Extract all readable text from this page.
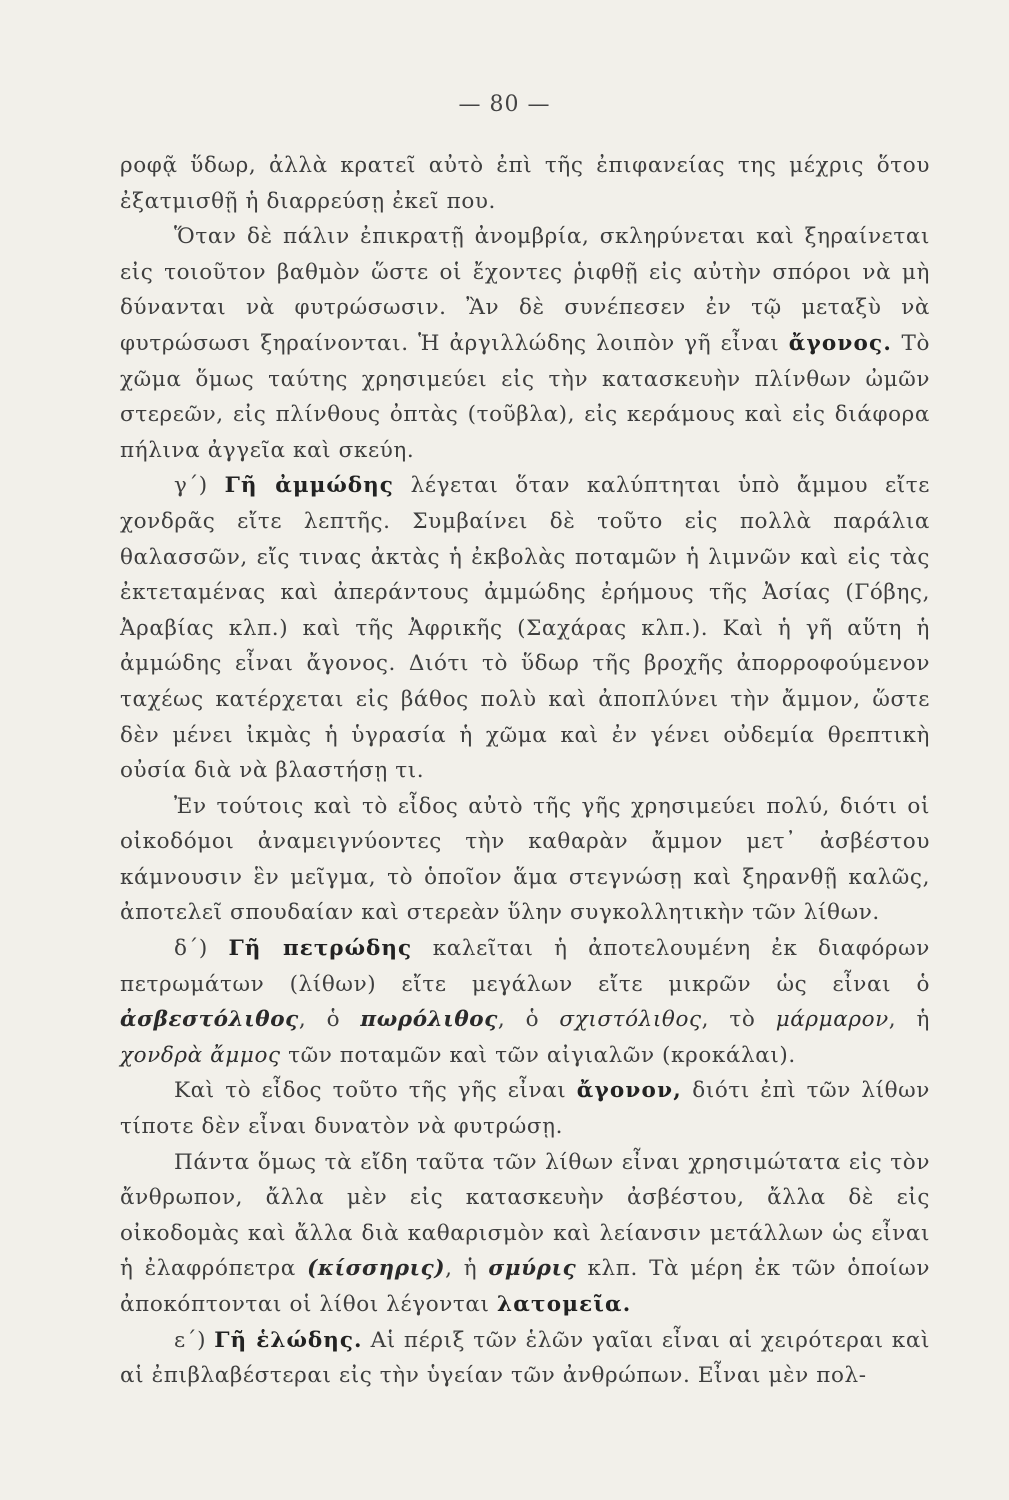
— 80 —

ροφᾷ ὕδωρ, ἀλλὰ κρατεῖ αὐτὸ ἐπὶ τῆς ἐπιφανείας της μέχρις ὅτου ἐξατμισθῇ ἡ διαρρεύσῃ ἐκεῖ που.

Ὅταν δὲ πάλιν ἐπικρατῇ ἀνομβρία, σκληρύνεται καὶ ξηραίνεται εἰς τοιοῦτον βαθμὸν ὥστε οἱ ἔχοντες ῥιφθῇ εἰς αὐτὴν σπόροι νὰ μὴ δύνανται νὰ φυτρώσωσιν. Ἂν δὲ συνέπεσεν ἐν τῷ μεταξὺ νὰ φυτρώσωσι ξηραίνονται. Ἡ ἀργιλλώδης λοιπὸν γῆ εἶναι ἄγονος. Τὸ χῶμα ὅμως ταύτης χρησιμεύει εἰς τὴν κατασκευὴν πλίνθων ὠμῶν στερεῶν, εἰς πλίνθους ὀπτὰς (τοῦβλα), εἰς κεράμους καὶ εἰς διάφορα πήλινα ἀγγεῖα καὶ σκεύη.

γ΄) Γῆ ἀμμώδης λέγεται ὅταν καλύπτηται ὑπὸ ἄμμου εἴτε χονδρᾶς εἴτε λεπτῆς. Συμβαίνει δὲ τοῦτο εἰς πολλὰ παράλια θαλασσῶν, εἴς τινας ἀκτὰς ἡ ἐκβολὰς ποταμῶν ἡ λιμνῶν καὶ εἰς τὰς ἐκτεταμένας καὶ ἀπεράντους ἀμμώδης ἐρήμους τῆς Ἀσίας (Γόβης, Ἀραβίας κλπ.) καὶ τῆς Ἀφρικῆς (Σαχάρας κλπ.). Καὶ ἡ γῆ αὕτη ἡ ἀμμώδης εἶναι ἄγονος. Διότι τὸ ὕδωρ τῆς βροχῆς ἀπορροφούμενον ταχέως κατέρχεται εἰς βάθος πολὺ καὶ ἀποπλύνει τὴν ἄμμον, ὥστε δὲν μένει ἰκμὰς ἡ ὑγρασία ἡ χῶμα καὶ ἐν γένει οὐδεμία θρεπτικὴ οὐσία διὰ νὰ βλαστήσῃ τι.

Ἐν τούτοις καὶ τὸ εἶδος αὐτὸ τῆς γῆς χρησιμεύει πολύ, διότι οἱ οἰκοδόμοι ἀναμειγνύοντες τὴν καθαρὰν ἄμμον μετ᾽ ἀσβέστου κάμνουσιν ἓν μεῖγμα, τὸ ὁποῖον ἅμα στεγνώσῃ καὶ ξηρανθῇ καλῶς, ἀποτελεῖ σπουδαίαν καὶ στερεὰν ὕλην συγκολλητικὴν τῶν λίθων.

δ΄) Γῆ πετρώδης καλεῖται ἡ ἀποτελουμένη ἐκ διαφόρων πετρωμάτων (λίθων) εἴτε μεγάλων εἴτε μικρῶν ὡς εἶναι ὁ ἀσβεστόλιθος, ὁ πωρόλιθος, ὁ σχιστόλιθος, τὸ μάρμαρον, ἡ χονδρὰ ἄμμος τῶν ποταμῶν καὶ τῶν αἰγιαλῶν (κροκάλαι).

Καὶ τὸ εἶδος τοῦτο τῆς γῆς εἶναι ἄγονον, διότι ἐπὶ τῶν λίθων τίποτε δὲν εἶναι δυνατὸν νὰ φυτρώσῃ.

Πάντα ὅμως τὰ εἴδη ταῦτα τῶν λίθων εἶναι χρησιμώτατα εἰς τὸν ἄνθρωπον, ἄλλα μὲν εἰς κατασκευὴν ἀσβέστου, ἄλλα δὲ εἰς οἰκοδομὰς καὶ ἄλλα διὰ καθαρισμὸν καὶ λείανσιν μετάλλων ὡς εἶναι ἡ ἐλαφρόπετρα (κίσσηρις), ἡ σμύρις κλπ. Τὰ μέρη ἐκ τῶν ὁποίων ἀποκόπτονται οἱ λίθοι λέγονται λατομεῖα.

ε΄) Γῆ ἑλώδης. Αἱ πέριξ τῶν ἑλῶν γαῖαι εἶναι αἱ χειρότεραι καὶ αἱ ἐπιβλαβέστεραι εἰς τὴν ὑγείαν τῶν ἀνθρώπων. Εἶναι μὲν πολ-
